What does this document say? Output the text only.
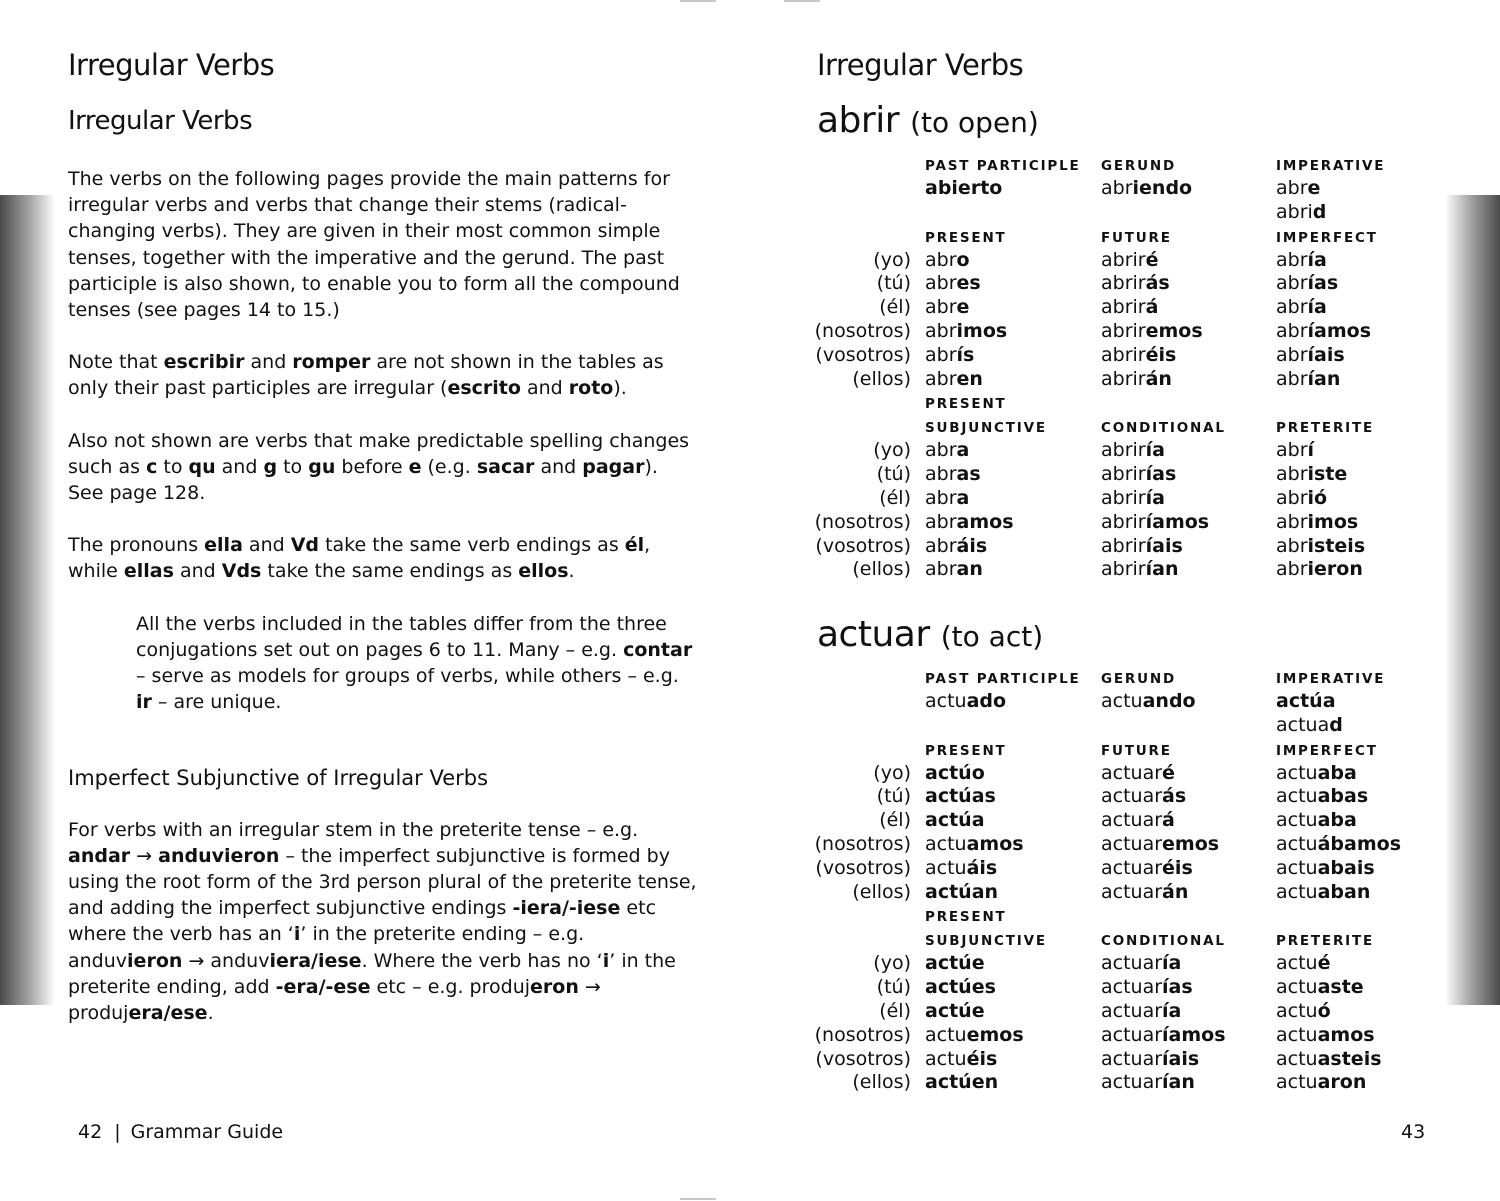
Irregular Verbs
Irregular Verbs

The verbs on the following pages provide the main patterns for irregular verbs and verbs that change their stems (radical-changing verbs). They are given in their most common simple tenses, together with the imperative and the gerund. The past participle is also shown, to enable you to form all the compound tenses (see pages 14 to 15.)

Note that escribir and romper are not shown in the tables as only their past participles are irregular (escrito and roto).

Also not shown are verbs that make predictable spelling changes such as c to qu and g to gu before e (e.g. sacar and pagar). See page 128.

The pronouns ella and Vd take the same verb endings as él, while ellas and Vds take the same endings as ellos.

All the verbs included in the tables differ from the three conjugations set out on pages 6 to 11. Many – e.g. contar – serve as models for groups of verbs, while others – e.g. ir – are unique.

Imperfect Subjunctive of Irregular Verbs

For verbs with an irregular stem in the preterite tense – e.g. andar → anduvieron – the imperfect subjunctive is formed by using the root form of the 3rd person plural of the preterite tense, and adding the imperfect subjunctive endings -iera/-iese etc where the verb has an ‘i’ in the preterite ending – e.g. anduvieron → anduviera/iese. Where the verb has no ‘i’ in the preterite ending, add -era/-ese etc – e.g. produjeron → produjera/ese.

Irregular Verbs
abrir (to open)
PAST PARTICIPLE GERUND	IMPERATIVE
abierto	abriendo	abre
abrid
PRESENT	FUTURE	IMPERFECT
(yo) abro	abriré	abría
(tú) abres	abrirás	abrías
(él) abre	abrirá	abría
(nosotros) abrimos	abriremos	abríamos
(vosotros) abrís	abriréis	abríais
(ellos) abren	abrirán	abrían
PRESENT
SUBJUNCTIVE	CONDITIONAL	PRETERITE
(yo) abra	abriría	abrí
(tú) abras	abrirías	abriste
(él) abra	abriría	abrió
(nosotros) abramos	abriríamos	abrimos
(vosotros) abráis	abriríais	abristeis
(ellos) abran	abrirían	abrieron
actuar (to act)
PAST PARTICIPLE GERUND	IMPERATIVE
actuado	actuando	actúa
actuad
PRESENT	FUTURE	IMPERFECT
(yo) actúo	actuaré	actuaba
(tú) actúas	actuarás	actuabas
(él) actúa	actuará	actuaba
(nosotros) actuamos	actuaremos	actuábamos
(vosotros) actuáis	actuaréis	actuabais
(ellos) actúan	actuarán	actuaban
PRESENT
SUBJUNCTIVE	CONDITIONAL	PRETERITE
(yo) actúe	actuaría	actué
(tú) actúes	actuarías	actuaste
(él) actúe	actuaría	actuó
(nosotros) actuemos	actuaríamos	actuamos
(vosotros) actuéis	actuaríais	actuasteis
(ellos) actúen	actuarían	actuaron
42 | Grammar Guide	43
